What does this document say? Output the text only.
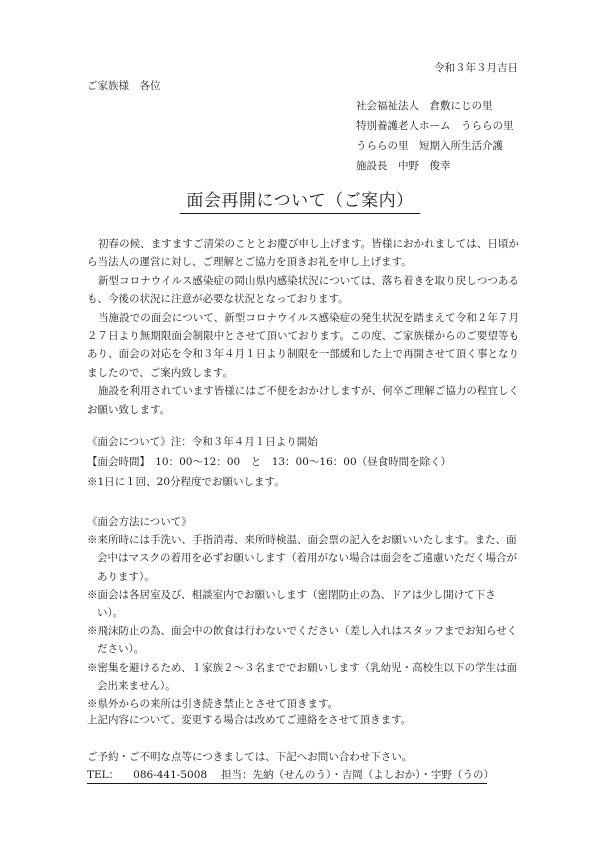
令和３年３月吉日
ご家族様　各位
社会福祉法人　倉敷にじの里
特別養護老人ホーム　うららの里
うららの里　短期入所生活介護
施設長　中野　俊幸
面会再開について（ご案内）

初春の候、ますますご清栄のこととお慶び申し上げます。皆様におかれましては、日頃から当法人の運営に対し、ご理解とご協力を頂きお礼を申し上げます。

新型コロナウイルス感染症の岡山県内感染状況については、落ち着きを取り戻しつつあるも、今後の状況に注意が必要な状況となっております。

当施設での面会について、新型コロナウイルス感染症の発生状況を踏まえて令和２年７月２７日より無期限面会制限中とさせて頂いております。この度、ご家族様からのご要望等もあり、面会の対応を令和３年４月１日より制限を一部緩和した上で再開させて頂く事となりましたので、ご案内致します。

施設を利用されています皆様にはご不便をおかけしますが、何卒ご理解ご協力の程宜しくお願い致します。

《面会について》注：令和３年４月１日より開始
【面会時間】　10：00～12：00　と　13：00～16：00（昼食時間を除く）
※1日に１回、20分程度でお願いします。
《面会方法について》
※来所時には手洗い、手指消毒、来所時検温、面会票の記入をお願いいたします。また、面会中はマスクの着用を必ずお願いします（着用がない場合は面会をご遠慮いただく場合があります）。
※面会は各居室及び、相談室内でお願いします（密閉防止の為、ドアは少し開けて下さい）。
※飛沫防止の為、面会中の飲食は行わないでください（差し入れはスタッフまでお知らせください）。
※密集を避けるため、１家族２～３名まででお願いします（乳幼児・高校生以下の学生は面会出来ません）。
※県外からの来所は引き続き禁止とさせて頂きます。
上記内容について、変更する場合は改めてご連絡をさせて頂きます。
ご予約・ご不明な点等につきましては、下記へお問い合わせ下さい。
TEL： 086-441-5008 担当：先納（せんのう）・吉岡（よしおか）・宇野（うの）
